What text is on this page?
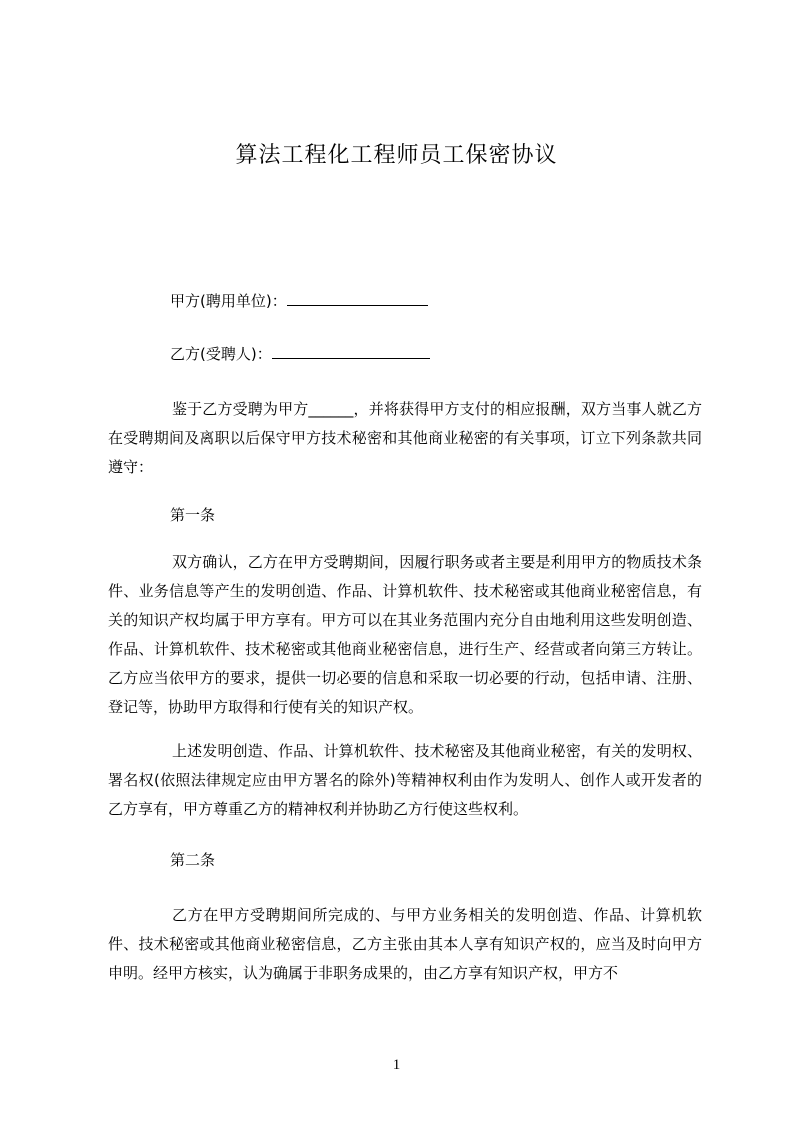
算法工程化工程师员工保密协议
甲方(聘用单位)：
乙方(受聘人)：

鉴于乙方受聘为甲方______，并将获得甲方支付的相应报酬，双方当事人就乙方在受聘期间及离职以后保守甲方技术秘密和其他商业秘密的有关事项，订立下列条款共同遵守：

第一条

双方确认，乙方在甲方受聘期间，因履行职务或者主要是利用甲方的物质技术条件、业务信息等产生的发明创造、作品、计算机软件、技术秘密或其他商业秘密信息，有关的知识产权均属于甲方享有。甲方可以在其业务范围内充分自由地利用这些发明创造、作品、计算机软件、技术秘密或其他商业秘密信息，进行生产、经营或者向第三方转让。乙方应当依甲方的要求，提供一切必要的信息和采取一切必要的行动，包括申请、注册、登记等，协助甲方取得和行使有关的知识产权。

上述发明创造、作品、计算机软件、技术秘密及其他商业秘密，有关的发明权、署名权(依照法律规定应由甲方署名的除外)等精神权利由作为发明人、创作人或开发者的乙方享有，甲方尊重乙方的精神权利并协助乙方行使这些权利。

第二条

乙方在甲方受聘期间所完成的、与甲方业务相关的发明创造、作品、计算机软件、技术秘密或其他商业秘密信息，乙方主张由其本人享有知识产权的，应当及时向甲方申明。经甲方核实，认为确属于非职务成果的，由乙方享有知识产权，甲方不

1
